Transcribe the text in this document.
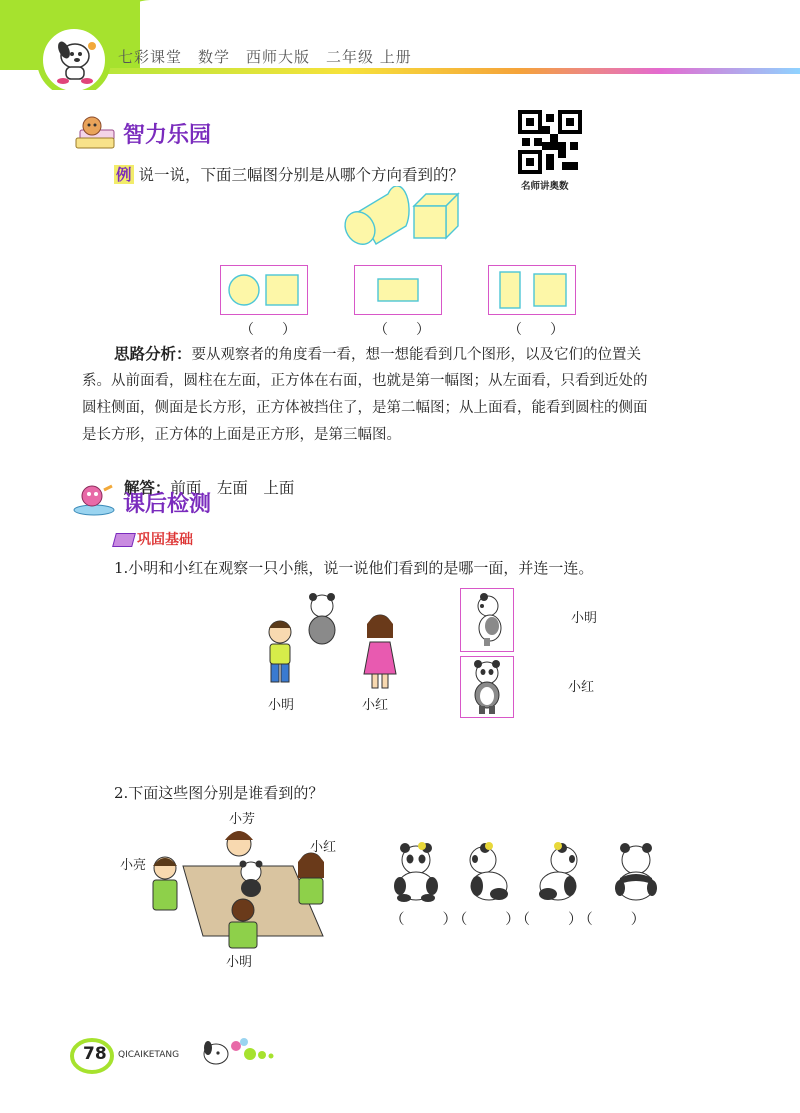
七彩课堂　数学　西师大版　二年级 上册
智力乐园
名师讲奥数
例 说一说，下面三幅图分别是从哪个方向看到的？
（　　）	（　　）	（　　）
思路分析：要从观察者的角度看一看，想一想能看到几个图形，以及它们的位置关
系。从前面看，圆柱在左面，正方体在右面，也就是第一幅图；从左面看，只看到近处的
圆柱侧面，侧面是长方形，正方体被挡住了，是第二幅图；从上面看，能看到圆柱的侧面
是长方形，正方体的上面是正方形，是第三幅图。

解答：前面　左面　上面

课后检测
巩固基础
1.小明和小红在观察一只小熊，说一说他们看到的是哪一面，并连一连。
小明	小红
小明
小红
2.下面这些图分别是谁看到的？
小芳
小亮
小红
小明
（　　）（　　）（　　）（　　）
78 QICAIKETANG
